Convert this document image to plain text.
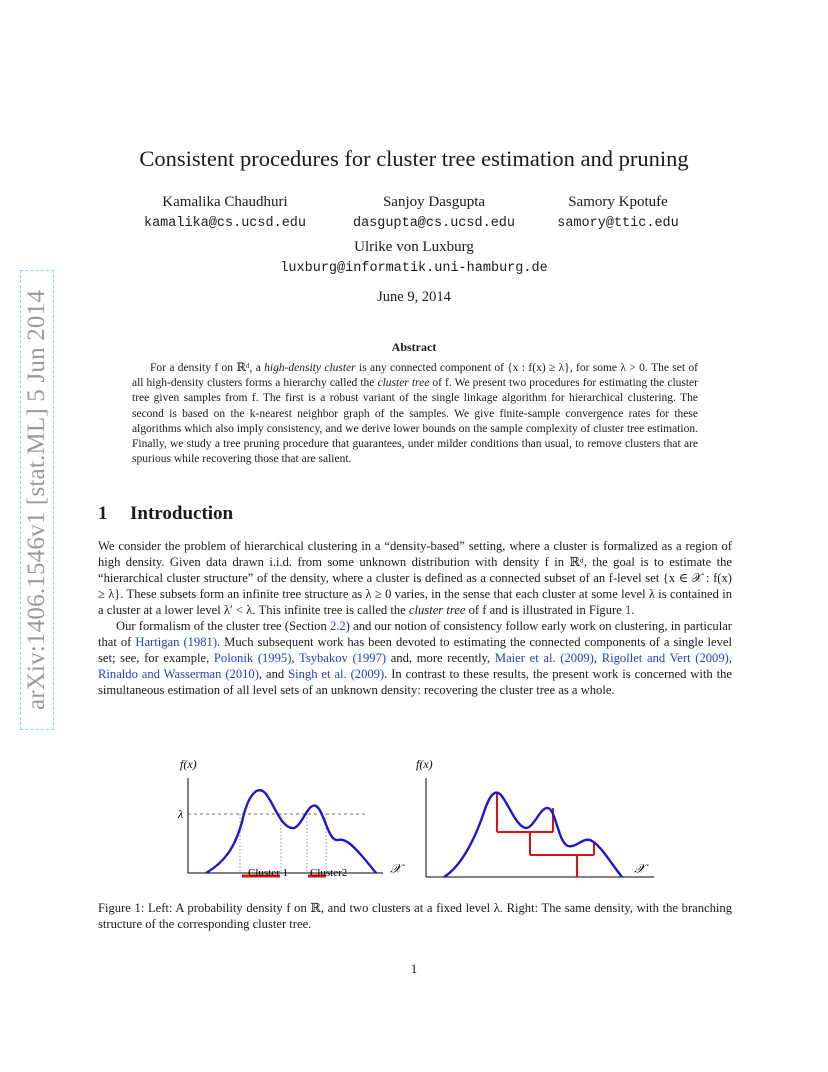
arXiv:1406.1546v1 [stat.ML] 5 Jun 2014
Consistent procedures for cluster tree estimation and pruning
Kamalika Chaudhuri
kamalika@cs.ucsd.edu
Sanjoy Dasgupta
dasgupta@cs.ucsd.edu
Samory Kpotufe
samory@ttic.edu
Ulrike von Luxburg
luxburg@informatik.uni-hamburg.de
June 9, 2014
Abstract

For a density f on ℝᵈ, a high-density cluster is any connected component of {x : f(x) ≥ λ}, for some λ > 0. The set of all high-density clusters forms a hierarchy called the cluster tree of f. We present two procedures for estimating the cluster tree given samples from f. The first is a robust variant of the single linkage algorithm for hierarchical clustering. The second is based on the k-nearest neighbor graph of the samples. We give finite-sample convergence rates for these algorithms which also imply consistency, and we derive lower bounds on the sample complexity of cluster tree estimation. Finally, we study a tree pruning procedure that guarantees, under milder conditions than usual, to remove clusters that are spurious while recovering those that are salient.

1 Introduction

We consider the problem of hierarchical clustering in a “density-based” setting, where a cluster is formalized as a region of high density. Given data drawn i.i.d. from some unknown distribution with density f in ℝᵈ, the goal is to estimate the “hierarchical cluster structure” of the density, where a cluster is defined as a connected subset of an f-level set {x ∈ 𝒳 : f(x) ≥ λ}. These subsets form an infinite tree structure as λ ≥ 0 varies, in the sense that each cluster at some level λ is contained in a cluster at a lower level λ′ < λ. This infinite tree is called the cluster tree of f and is illustrated in Figure 1.

Our formalism of the cluster tree (Section 2.2) and our notion of consistency follow early work on clustering, in particular that of Hartigan (1981). Much subsequent work has been devoted to estimating the connected components of a single level set; see, for example, Polonik (1995), Tsybakov (1997) and, more recently, Maier et al. (2009), Rigollet and Vert (2009), Rinaldo and Wasserman (2010), and Singh et al. (2009). In contrast to these results, the present work is concerned with the simultaneous estimation of all level sets of an unknown density: recovering the cluster tree as a whole.

f(x)
λ
Cluster 1 Cluster2	𝒳
f(x)
𝒳
Figure 1: Left: A probability density f on ℝ, and two clusters at a fixed level λ. Right: The same density, with the branching structure of the corresponding cluster tree.
1
